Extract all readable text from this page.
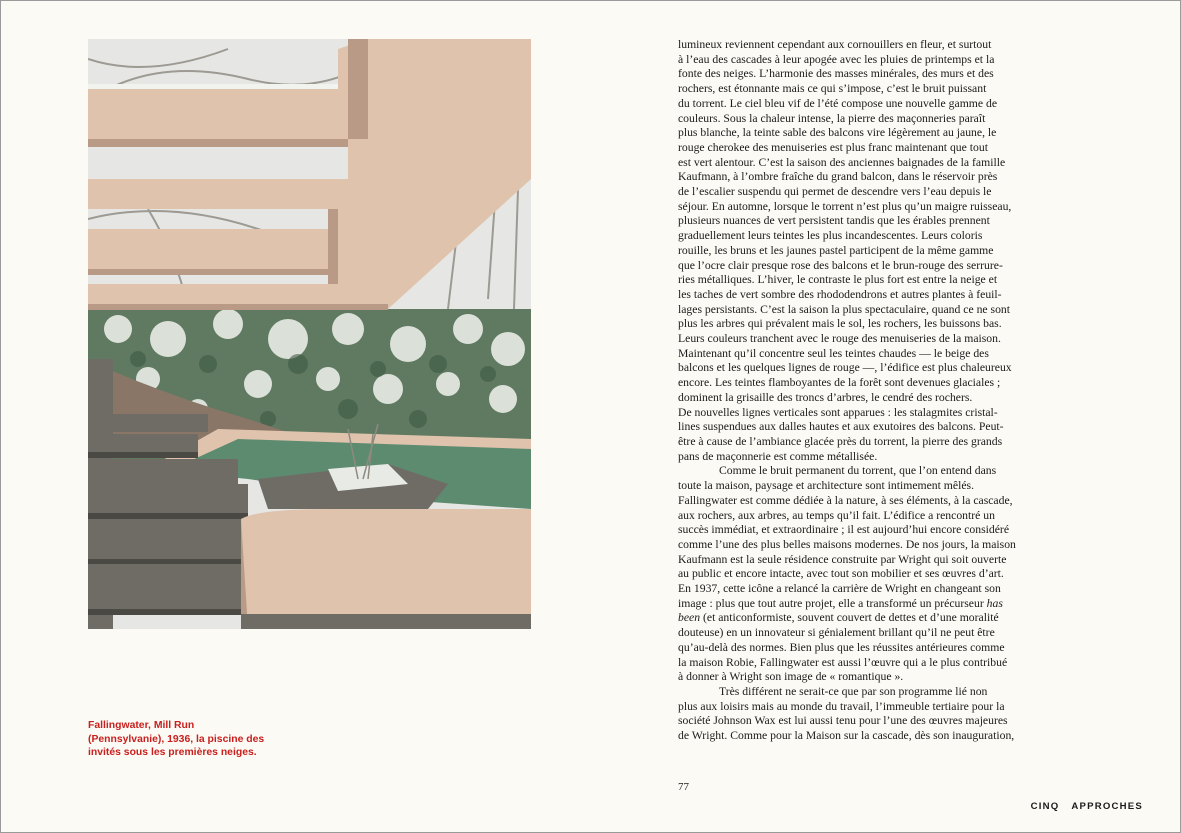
Fallingwater, Mill Run
(Pennsylvanie), 1936, la piscine des
invités sous les premières neiges.
lumineux reviennent cependant aux cornouillers en fleur, et surtout
à l’eau des cascades à leur apogée avec les pluies de printemps et la
fonte des neiges. L’harmonie des masses minérales, des murs et des
rochers, est étonnante mais ce qui s’impose, c’est le bruit puissant
du torrent. Le ciel bleu vif de l’été compose une nouvelle gamme de
couleurs. Sous la chaleur intense, la pierre des maçonneries paraît
plus blanche, la teinte sable des balcons vire légèrement au jaune, le
rouge cherokee des menuiseries est plus franc maintenant que tout
est vert alentour. C’est la saison des anciennes baignades de la famille
Kaufmann, à l’ombre fraîche du grand balcon, dans le réservoir près
de l’escalier suspendu qui permet de descendre vers l’eau depuis le
séjour. En automne, lorsque le torrent n’est plus qu’un maigre ruisseau,
plusieurs nuances de vert persistent tandis que les érables prennent
graduellement leurs teintes les plus incandescentes. Leurs coloris
rouille, les bruns et les jaunes pastel participent de la même gamme
que l’ocre clair presque rose des balcons et le brun-rouge des serrure-
ries métalliques. L’hiver, le contraste le plus fort est entre la neige et
les taches de vert sombre des rhododendrons et autres plantes à feuil-
lages persistants. C’est la saison la plus spectaculaire, quand ce ne sont
plus les arbres qui prévalent mais le sol, les rochers, les buissons bas.
Leurs couleurs tranchent avec le rouge des menuiseries de la maison.
Maintenant qu’il concentre seul les teintes chaudes — le beige des
balcons et les quelques lignes de rouge —, l’édifice est plus chaleureux
encore. Les teintes flamboyantes de la forêt sont devenues glaciales ;
dominent la grisaille des troncs d’arbres, le cendré des rochers.
De nouvelles lignes verticales sont apparues : les stalagmites cristal-
lines suspendues aux dalles hautes et aux exutoires des balcons. Peut-
être à cause de l’ambiance glacée près du torrent, la pierre des grands
pans de maçonnerie est comme métallisée.
Comme le bruit permanent du torrent, que l’on entend dans
toute la maison, paysage et architecture sont intimement mêlés.
Fallingwater est comme dédiée à la nature, à ses éléments, à la cascade,
aux rochers, aux arbres, au temps qu’il fait. L’édifice a rencontré un
succès immédiat, et extraordinaire ; il est aujourd’hui encore considéré
comme l’une des plus belles maisons modernes. De nos jours, la maison
Kaufmann est la seule résidence construite par Wright qui soit ouverte
au public et encore intacte, avec tout son mobilier et ses œuvres d’art.
En 1937, cette icône a relancé la carrière de Wright en changeant son
image : plus que tout autre projet, elle a transformé un précurseur has
been (et anticonformiste, souvent couvert de dettes et d’une moralité
douteuse) en un innovateur si génialement brillant qu’il ne peut être
qu’au-delà des normes. Bien plus que les réussites antérieures comme
la maison Robie, Fallingwater est aussi l’œuvre qui a le plus contribué
à donner à Wright son image de « romantique ».
Très différent ne serait-ce que par son programme lié non
plus aux loisirs mais au monde du travail, l’immeuble tertiaire pour la
société Johnson Wax est lui aussi tenu pour l’une des œuvres majeures
de Wright. Comme pour la Maison sur la cascade, dès son inauguration,
77
CINQ APPROCHES
